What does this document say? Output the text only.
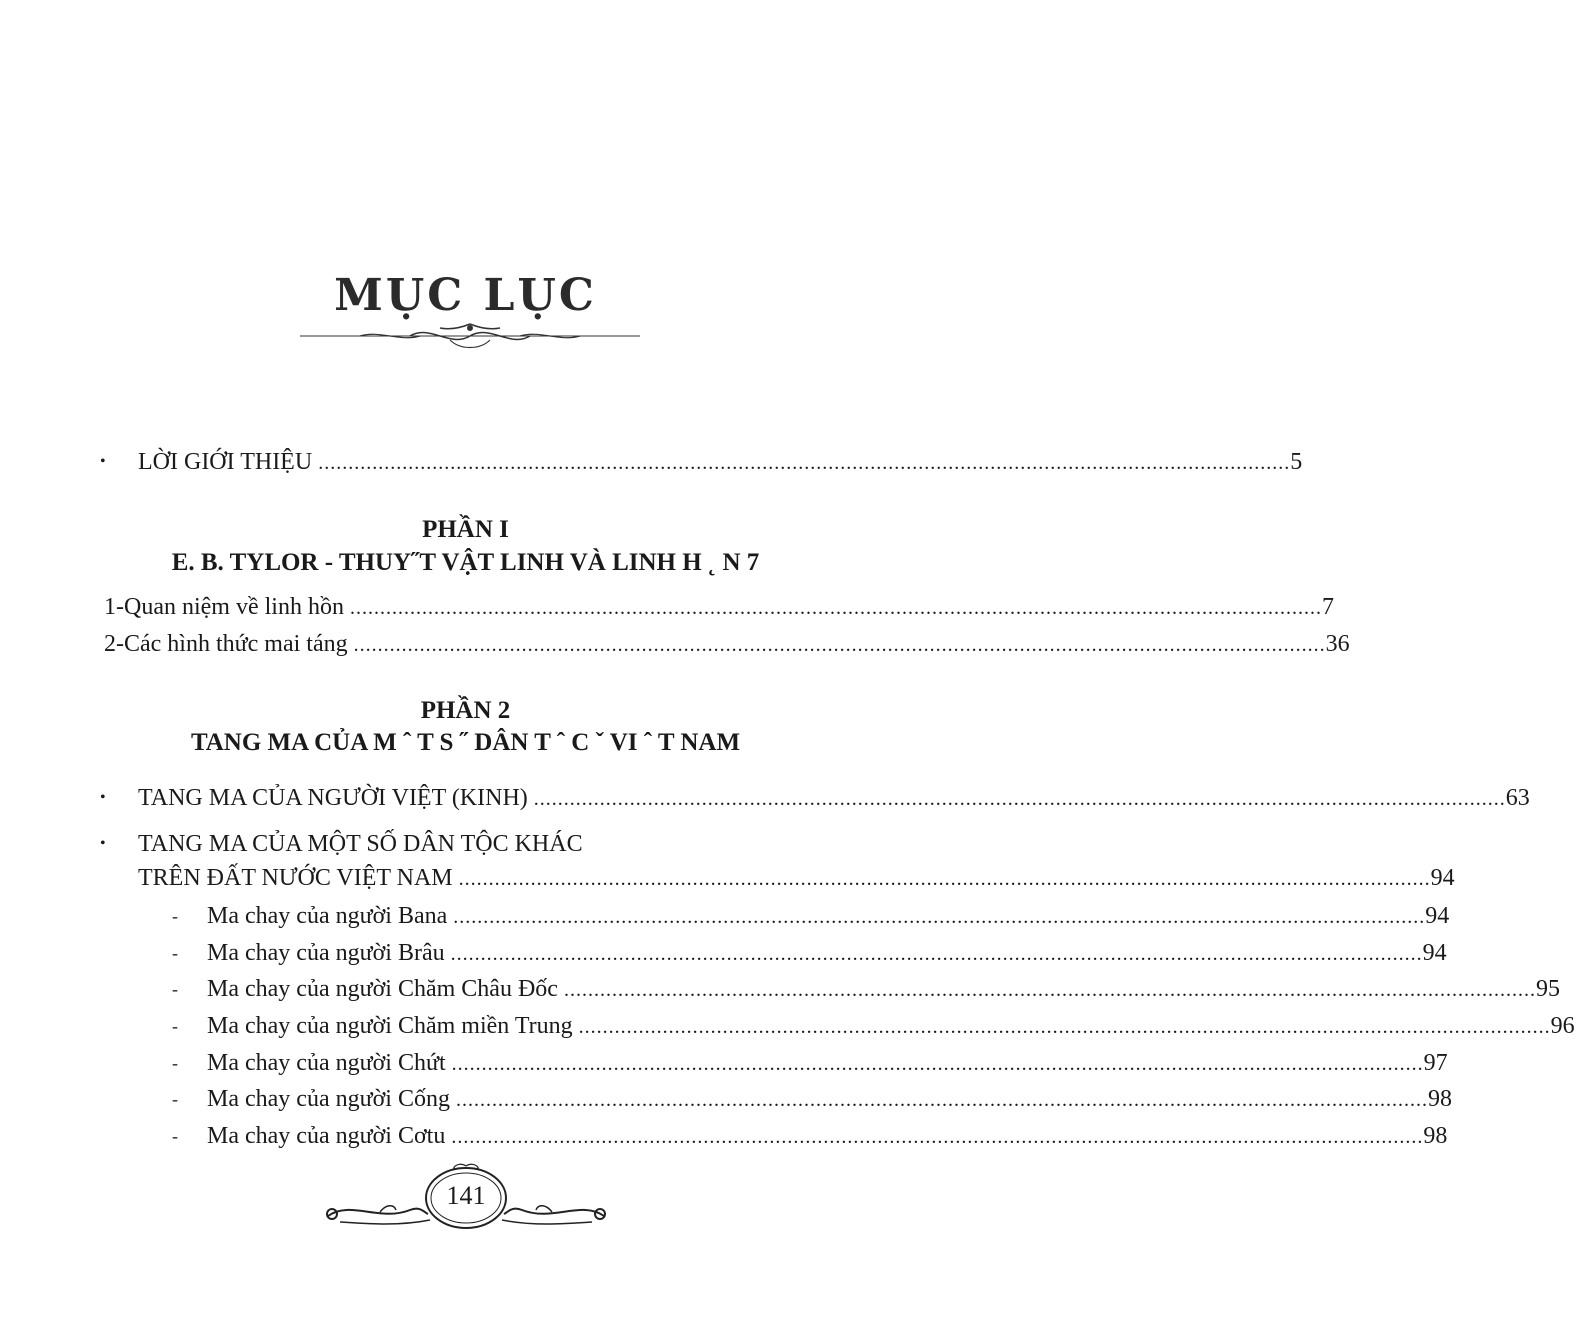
MỤC LỤC
• LỜI GIỚI THIỆU .................................................................................................................................................................. 5
PHẦN I
E. B. TYLOR - THUY˝T VẬT LINH VÀ LINH H ˛ N 7
1-Quan niệm về linh hồn .................................................................................................................................................................. 7
2-Các hình thức mai táng .................................................................................................................................................................. 36
PHẦN 2
TANG MA CỦA M ˆ T S ˝ DÂN T ˆ C ˇ VI ˆ T NAM
• TANG MA CỦA NGƯỜI VIỆT (KINH) .................................................................................................................................................................. 63
• TANG MA CỦA MỘT SỐ DÂN TỘC KHÁC
TRÊN ĐẤT NƯỚC VIỆT NAM .................................................................................................................................................................. 94
- Ma chay của người Bana .................................................................................................................................................................. 94
- Ma chay của người Brâu .................................................................................................................................................................. 94
- Ma chay của người Chăm Châu Đốc .................................................................................................................................................................. 95
- Ma chay của người Chăm miền Trung .................................................................................................................................................................. 96
- Ma chay của người Chứt .................................................................................................................................................................. 97
- Ma chay của người Cống .................................................................................................................................................................. 98
- Ma chay của người Cơtu .................................................................................................................................................................. 98
141
